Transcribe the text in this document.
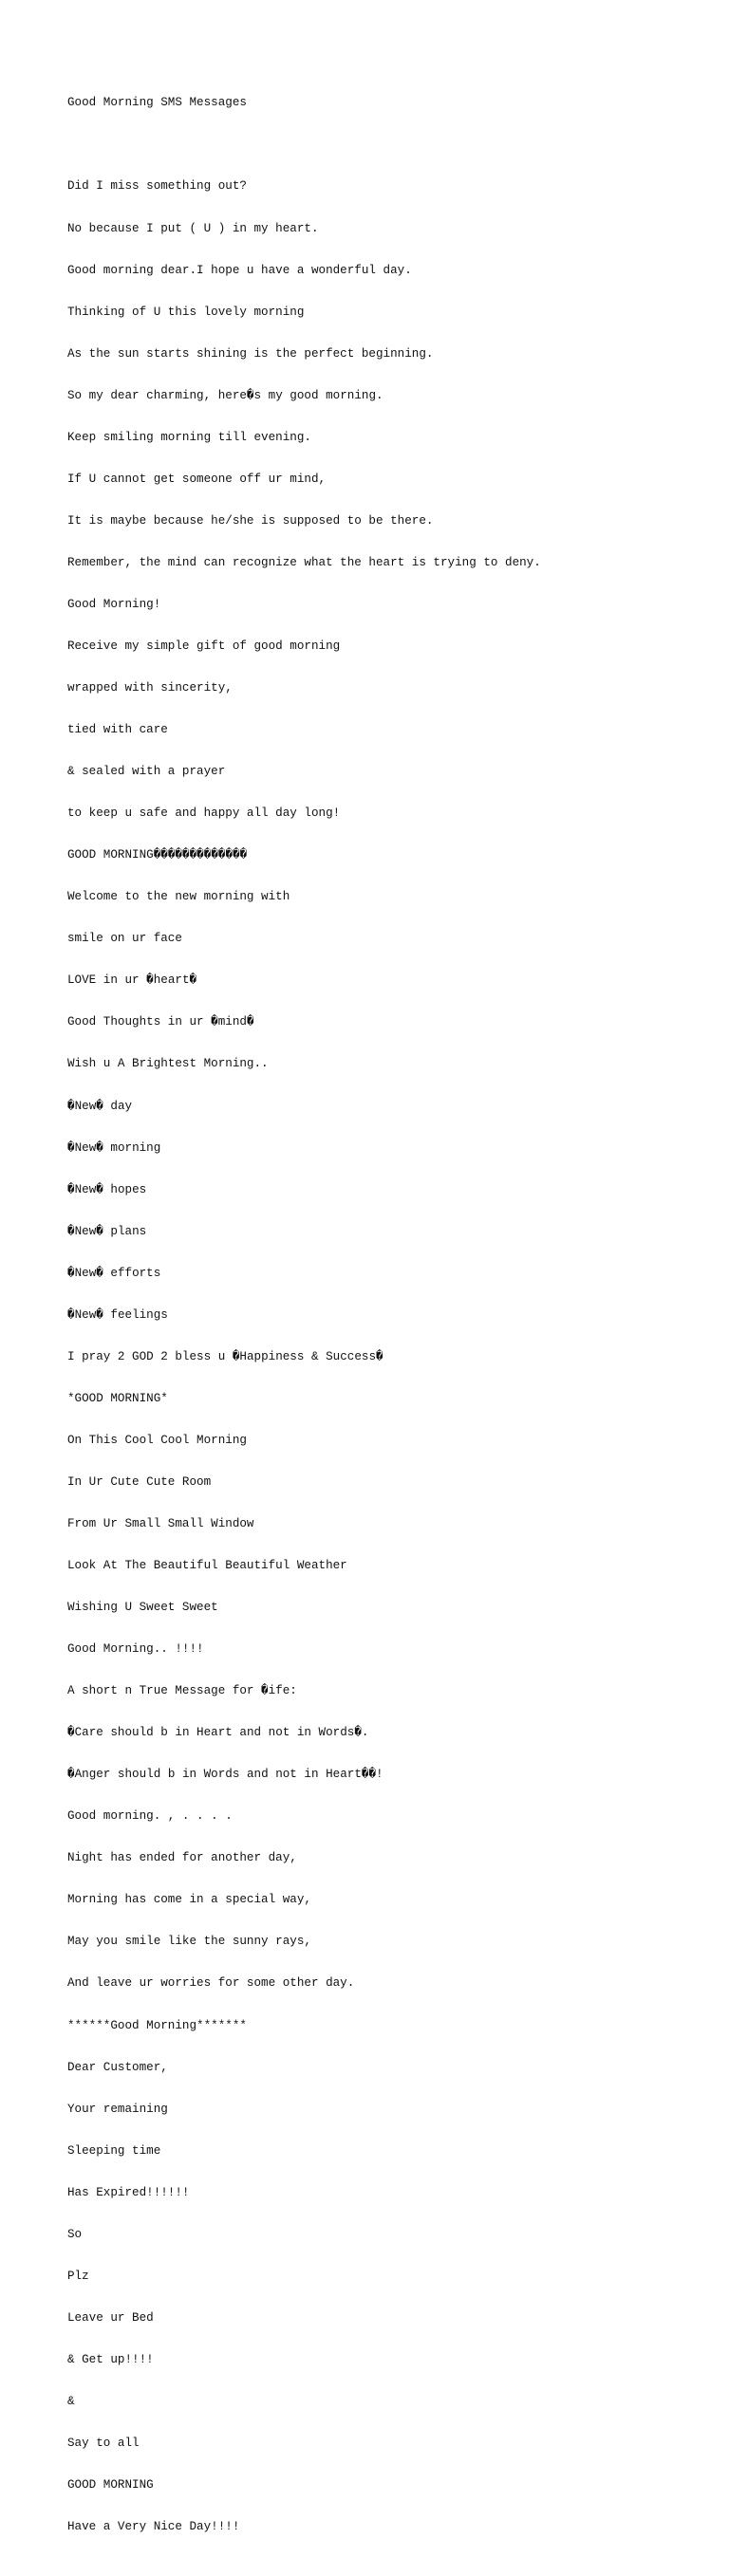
Good Morning SMS Messages

Did I miss something out?

No because I put ( U ) in my heart.

Good morning dear.I hope u have a wonderful day.

Thinking of U this lovely morning

As the sun starts shining is the perfect beginning.

So my dear charming, here�s my good morning.

Keep smiling morning till evening.

If U cannot get someone off ur mind,

It is maybe because he/she is supposed to be there.

Remember, the mind can recognize what the heart is trying to deny.

Good Morning!

Receive my simple gift of good morning

wrapped with sincerity,

tied with care

& sealed with a prayer

to keep u safe and happy all day long!

GOOD MORNING�������������

Welcome to the new morning with

smile on ur face

LOVE in ur �heart�

Good Thoughts in ur �mind�

Wish u A Brightest Morning..

�New� day

�New� morning

�New� hopes

�New� plans

�New� efforts

�New� feelings

I pray 2 GOD 2 bless u �Happiness & Success�

*GOOD MORNING*

On This Cool Cool Morning

In Ur Cute Cute Room

From Ur Small Small Window

Look At The Beautiful Beautiful Weather

Wishing U Sweet Sweet

Good Morning.. !!!!

A short n True Message for �ife:

�Care should b in Heart and not in Words�.

�Anger should b in Words and not in Heart��!

Good morning. , . . . .

Night has ended for another day,

Morning has come in a special way,

May you smile like the sunny rays,

And leave ur worries for some other day.

******Good Morning*******

Dear Customer,

Your remaining

Sleeping time

Has Expired!!!!!!

So

Plz

Leave ur Bed

& Get up!!!!

&

Say to all

GOOD MORNING

Have a Very Nice Day!!!!
